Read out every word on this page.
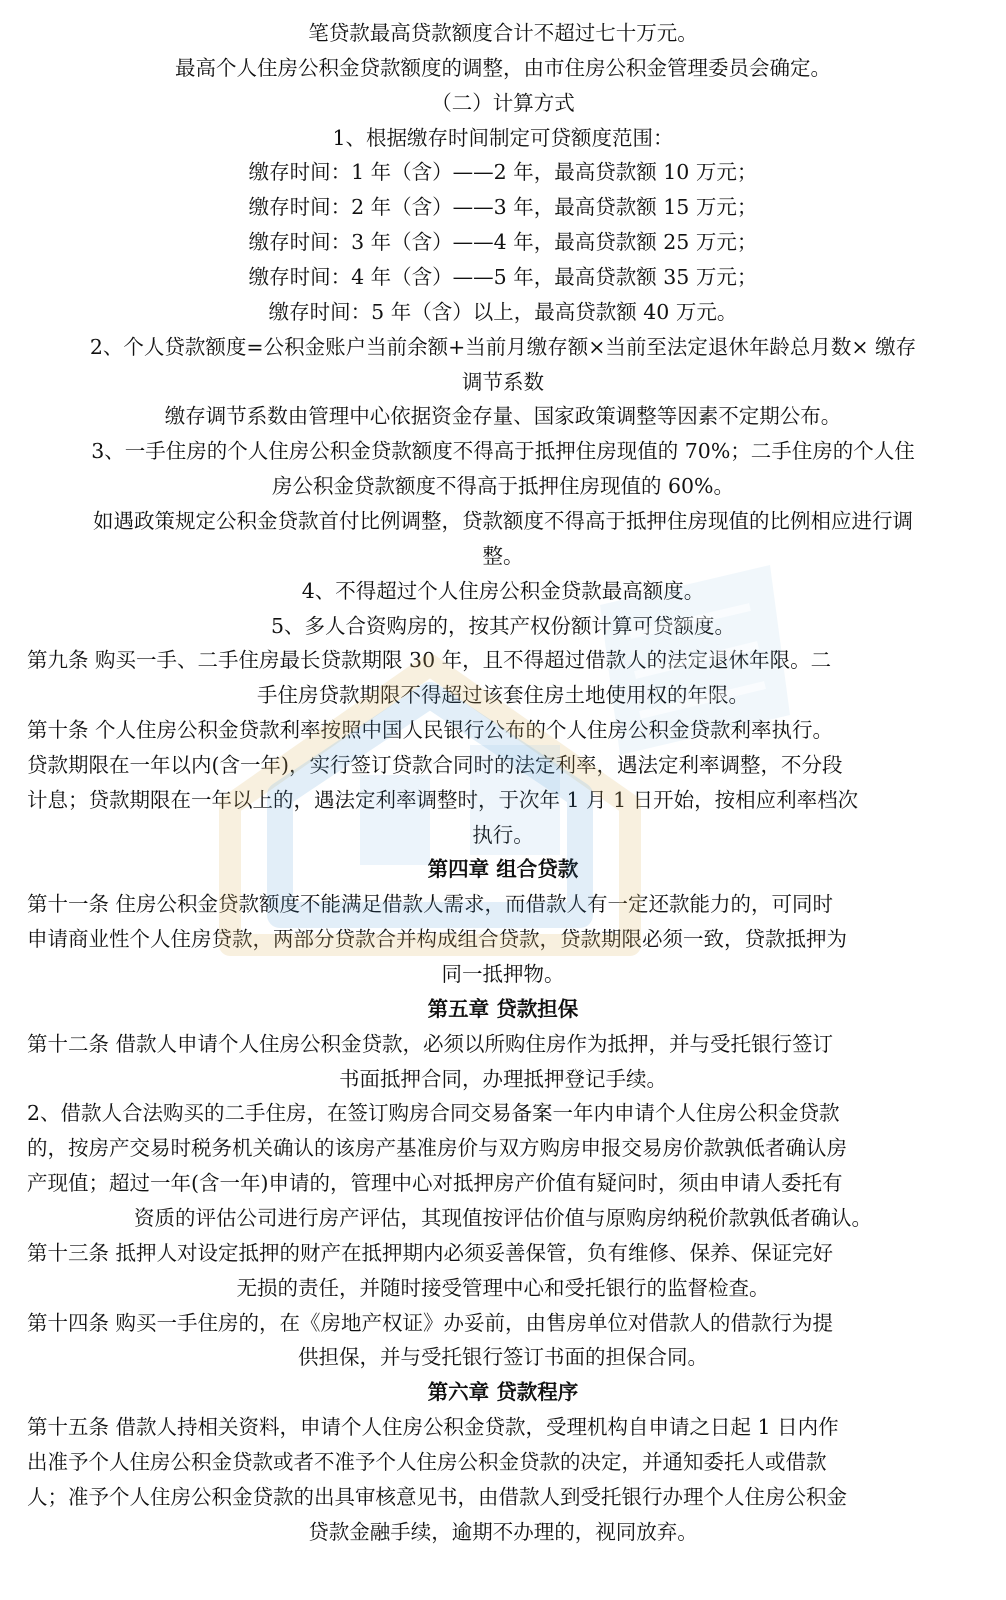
笔贷款最高贷款额度合计不超过七十万元。

最高个人住房公积金贷款额度的调整，由市住房公积金管理委员会确定。

（二）计算方式

1、根据缴存时间制定可贷额度范围：

缴存时间：1 年（含）——2 年，最高贷款额 10 万元；

缴存时间：2 年（含）——3 年，最高贷款额 15 万元；

缴存时间：3 年（含）——4 年，最高贷款额 25 万元；

缴存时间：4 年（含）——5 年，最高贷款额 35 万元；

缴存时间：5 年（含）以上，最高贷款额 40 万元。

2、个人贷款额度=公积金账户当前余额+当前月缴存额×当前至法定退休年龄总月数× 缴存

调节系数

缴存调节系数由管理中心依据资金存量、国家政策调整等因素不定期公布。

3、一手住房的个人住房公积金贷款额度不得高于抵押住房现值的 70%；二手住房的个人住

房公积金贷款额度不得高于抵押住房现值的 60%。

如遇政策规定公积金贷款首付比例调整，贷款额度不得高于抵押住房现值的比例相应进行调

整。

4、不得超过个人住房公积金贷款最高额度。

5、多人合资购房的，按其产权份额计算可贷额度。

第九条 购买一手、二手住房最长贷款期限 30 年，且不得超过借款人的法定退休年限。二

手住房贷款期限不得超过该套住房土地使用权的年限。

第十条 个人住房公积金贷款利率按照中国人民银行公布的个人住房公积金贷款利率执行。

贷款期限在一年以内(含一年)，实行签订贷款合同时的法定利率，遇法定利率调整，不分段

计息；贷款期限在一年以上的，遇法定利率调整时，于次年 1 月 1 日开始，按相应利率档次

执行。

第四章 组合贷款

第十一条 住房公积金贷款额度不能满足借款人需求，而借款人有一定还款能力的，可同时

申请商业性个人住房贷款，两部分贷款合并构成组合贷款，贷款期限必须一致，贷款抵押为

同一抵押物。

第五章 贷款担保

第十二条 借款人申请个人住房公积金贷款，必须以所购住房作为抵押，并与受托银行签订

书面抵押合同，办理抵押登记手续。

2、借款人合法购买的二手住房，在签订购房合同交易备案一年内申请个人住房公积金贷款

的，按房产交易时税务机关确认的该房产基准房价与双方购房申报交易房价款孰低者确认房

产现值；超过一年(含一年)申请的，管理中心对抵押房产价值有疑问时，须由申请人委托有

资质的评估公司进行房产评估，其现值按评估价值与原购房纳税价款孰低者确认。

第十三条 抵押人对设定抵押的财产在抵押期内必须妥善保管，负有维修、保养、保证完好

无损的责任，并随时接受管理中心和受托银行的监督检查。

第十四条 购买一手住房的，在《房地产权证》办妥前，由售房单位对借款人的借款行为提

供担保，并与受托银行签订书面的担保合同。

第六章 贷款程序

第十五条 借款人持相关资料，申请个人住房公积金贷款，受理机构自申请之日起 1 日内作

出准予个人住房公积金贷款或者不准予个人住房公积金贷款的决定，并通知委托人或借款

人；准予个人住房公积金贷款的出具审核意见书，由借款人到受托银行办理个人住房公积金

贷款金融手续，逾期不办理的，视同放弃。
